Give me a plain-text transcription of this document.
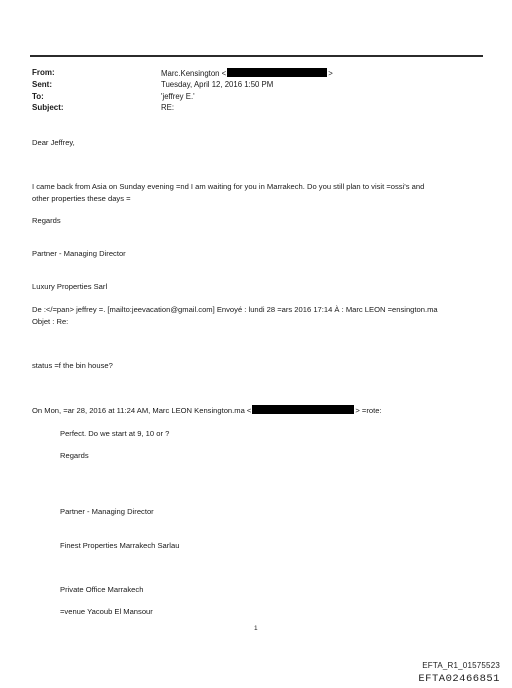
From:	Marc.Kensington <	>
Sent:	Tuesday, April 12, 2016 1:50 PM
To:	'jeffrey E.'
Subject:	RE:
Dear Jeffrey,
I came back from Asia on Sunday evening =nd I am waiting for you in Marrakech. Do you still plan to visit =ossi's and
other properties these days =
Regards
Partner - Managing Director
Luxury Properties Sarl
De :</=pan> jeffrey =. [mailto:jeevacation@gmail.com] Envoyé : lundi 28 =ars 2016 17:14 À : Marc LEON =ensington.ma
Objet : Re:
status =f the bin house?
On Mon, =ar 28, 2016 at 11:24 AM, Marc LEON Kensington.ma <	> =rote:
Perfect. Do we start at 9, 10 or ?
Regards
Partner - Managing Director
Finest Properties Marrakech Sarlau
Private Office Marrakech
=venue Yacoub El Mansour
1
EFTA_R1_01575523
EFTA02466851
